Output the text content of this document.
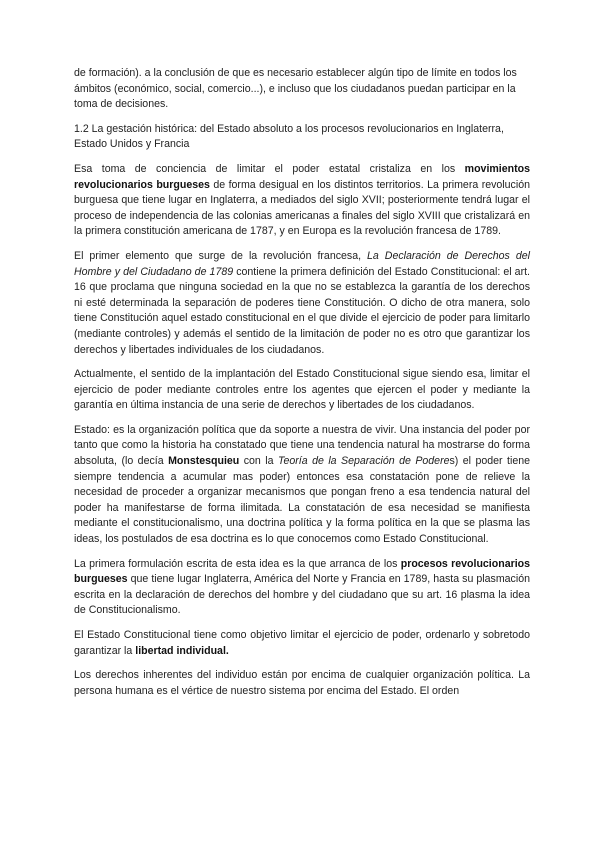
de formación). a la conclusión de que es necesario establecer algún tipo de límite en todos los ámbitos (económico, social, comercio...), e incluso que los ciudadanos puedan participar en la toma de decisiones.

1.2 La gestación histórica: del Estado absoluto a los procesos revolucionarios en Inglaterra, Estado Unidos y Francia

Esa toma de conciencia de limitar el poder estatal cristaliza en los movimientos revolucionarios burgueses de forma desigual en los distintos territorios. La primera revolución burguesa que tiene lugar en Inglaterra, a mediados del siglo XVII; posteriormente tendrá lugar el proceso de independencia de las colonias americanas a finales del siglo XVIII que cristalizará en la primera constitución americana de 1787, y en Europa es la revolución francesa de 1789.

El primer elemento que surge de la revolución francesa, La Declaración de Derechos del Hombre y del Ciudadano de 1789 contiene la primera definición del Estado Constitucional: el art. 16 que proclama que ninguna sociedad en la que no se establezca la garantía de los derechos ni esté determinada la separación de poderes tiene Constitución. O dicho de otra manera, solo tiene Constitución aquel estado constitucional en el que divide el ejercicio de poder para limitarlo (mediante controles) y además el sentido de la limitación de poder no es otro que garantizar los derechos y libertades individuales de los ciudadanos.

Actualmente, el sentido de la implantación del Estado Constitucional sigue siendo esa, limitar el ejercicio de poder mediante controles entre los agentes que ejercen el poder y mediante la garantía en última instancia de una serie de derechos y libertades de los ciudadanos.

Estado: es la organización política que da soporte a nuestra de vivir. Una instancia del poder por tanto que como la historia ha constatado que tiene una tendencia natural ha mostrarse do forma absoluta, (lo decía Monstesquieu con la Teoría de la Separación de Poderes) el poder tiene siempre tendencia a acumular mas poder) entonces esa constatación pone de relieve la necesidad de proceder a organizar mecanismos que pongan freno a esa tendencia natural del poder ha manifestarse de forma ilimitada. La constatación de esa necesidad se manifiesta mediante el constitucionalismo, una doctrina política y la forma política en la que se plasma las ideas, los postulados de esa doctrina es lo que conocemos como Estado Constitucional.

La primera formulación escrita de esta idea es la que arranca de los procesos revolucionarios burgueses que tiene lugar Inglaterra, América del Norte y Francia en 1789, hasta su plasmación escrita en la declaración de derechos del hombre y del ciudadano que su art. 16 plasma la idea de Constitucionalismo.

El Estado Constitucional tiene como objetivo limitar el ejercicio de poder, ordenarlo y sobretodo garantizar la libertad individual.

Los derechos inherentes del individuo están por encima de cualquier organización política. La persona humana es el vértice de nuestro sistema por encima del Estado. El orden
